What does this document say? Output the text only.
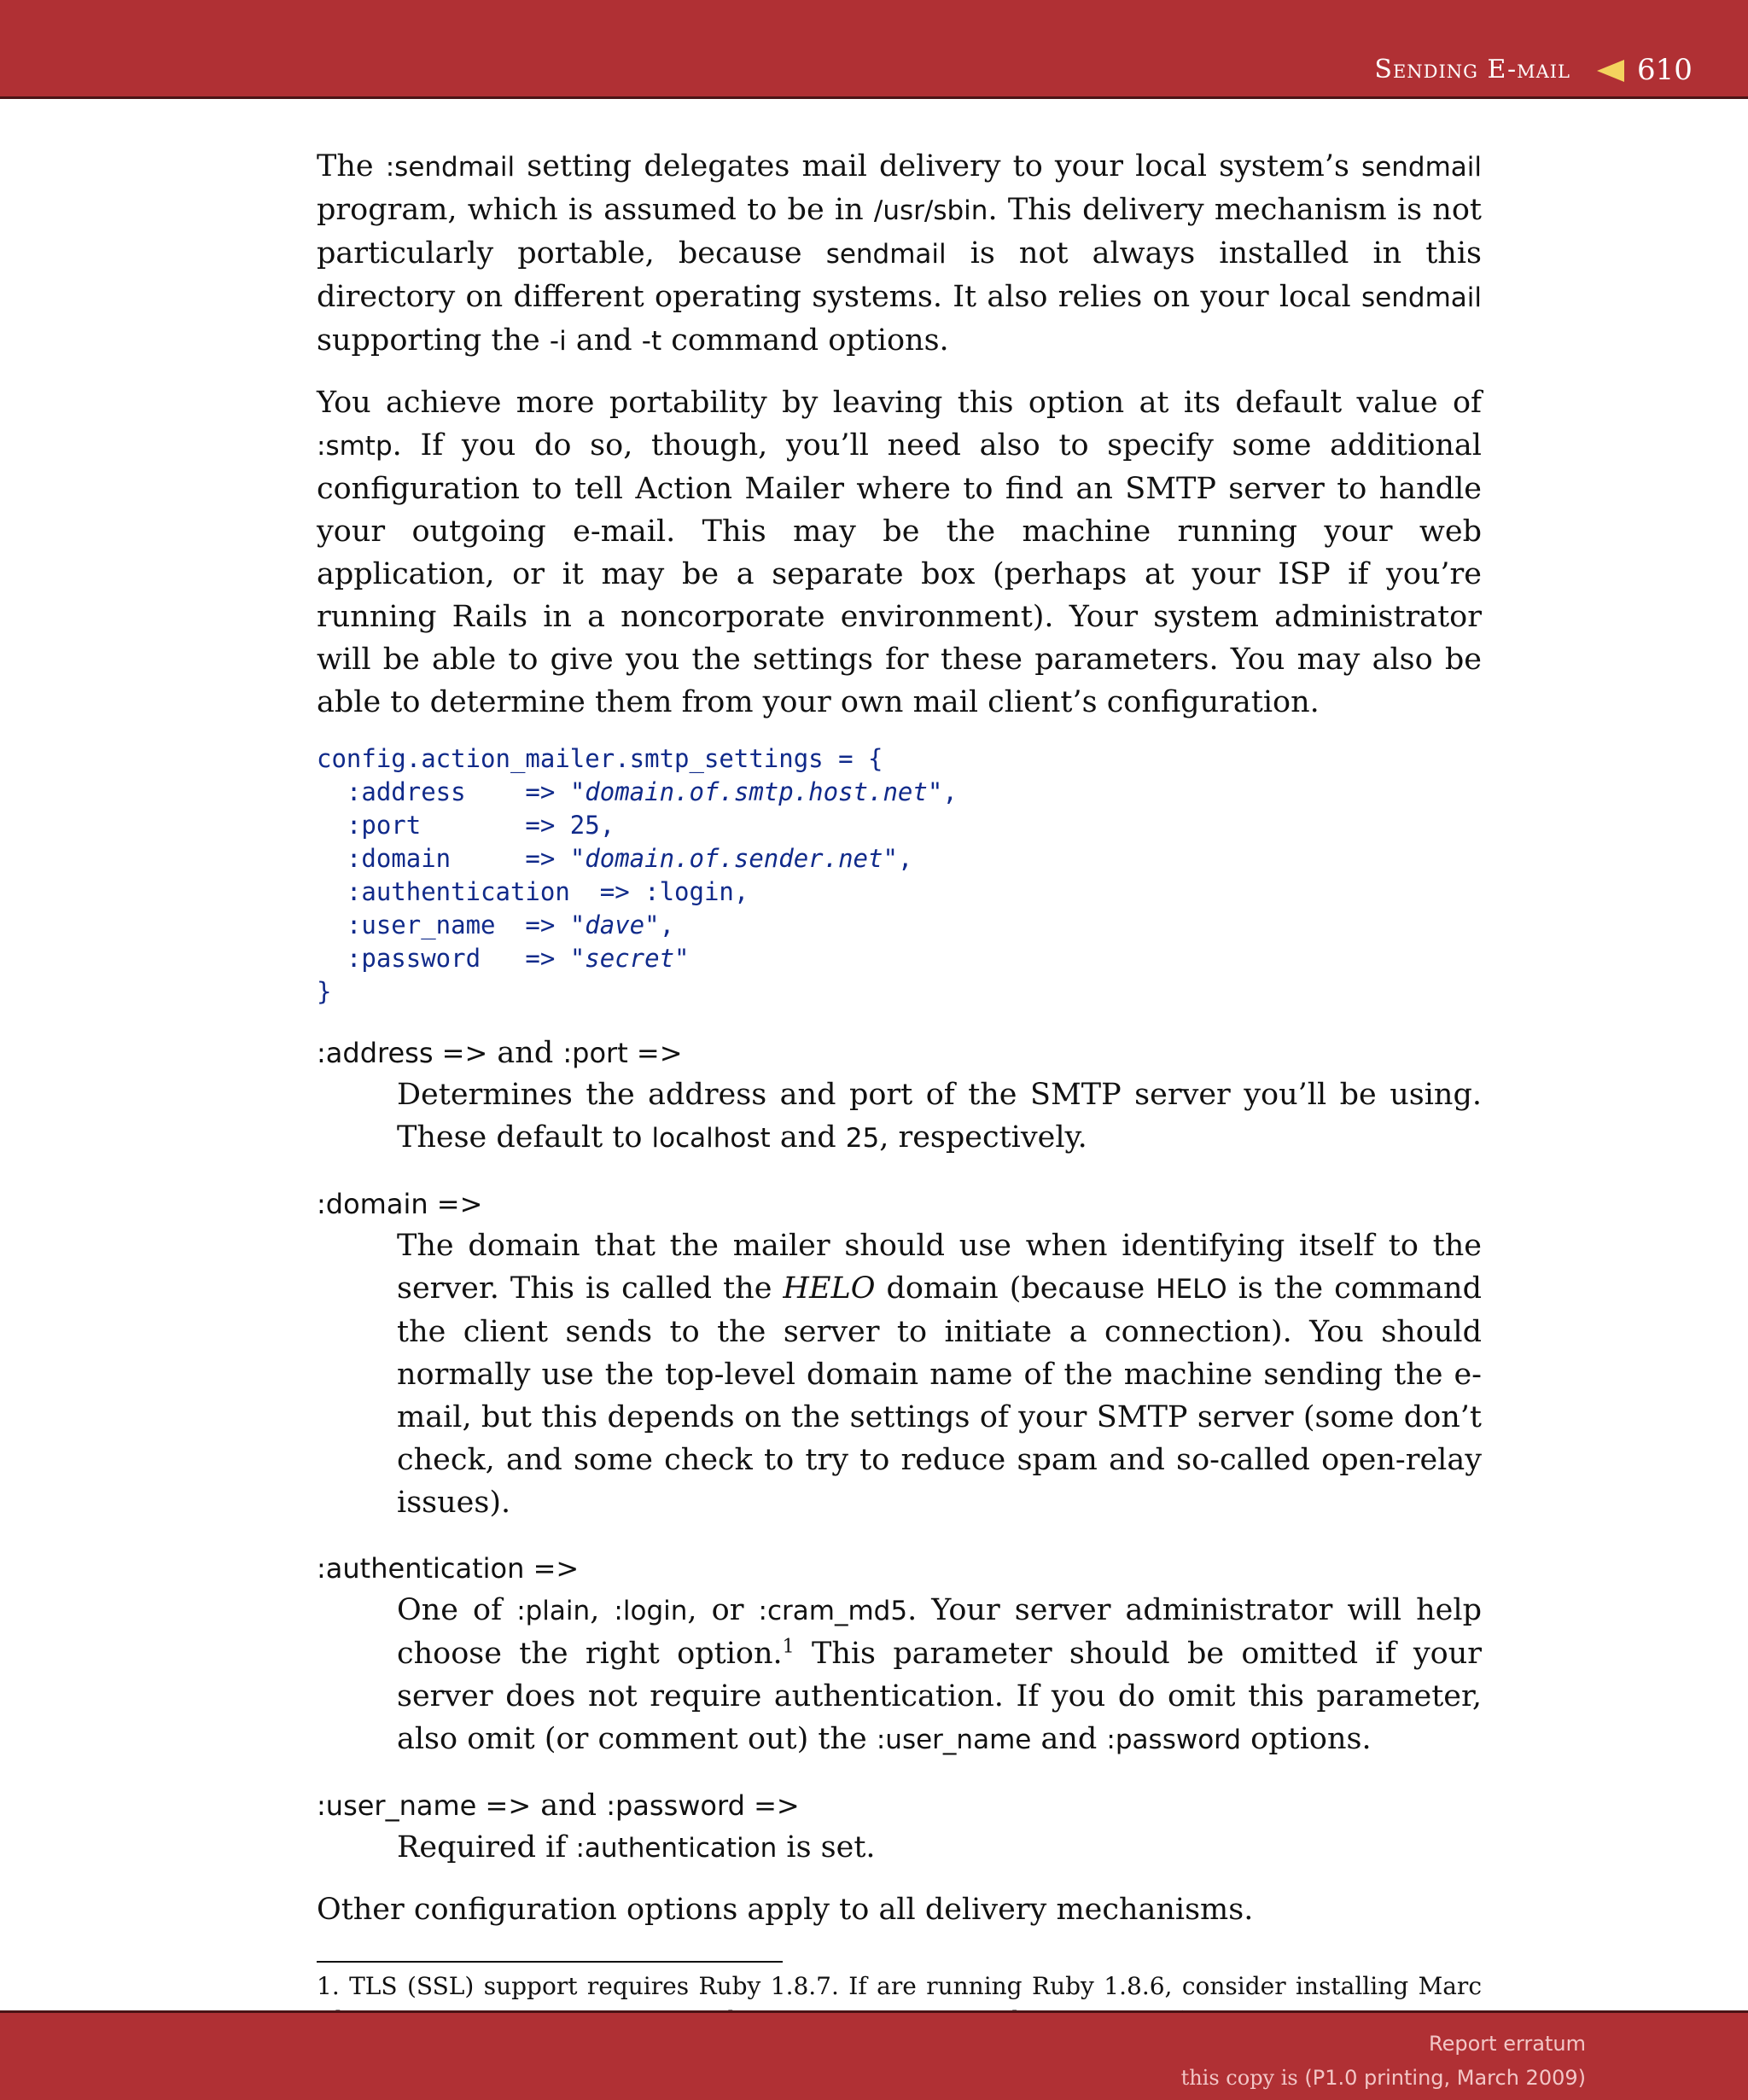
Sending E-mail 610

The :sendmail setting delegates mail delivery to your local system’s sendmail program, which is assumed to be in /usr/sbin. This delivery mechanism is not particularly portable, because sendmail is not always installed in this directory on different operating systems. It also relies on your local sendmail supporting the -i and -t command options.

You achieve more portability by leaving this option at its default value of :smtp. If you do so, though, you’ll need also to specify some additional configuration to tell Action Mailer where to find an SMTP server to handle your outgoing e-mail. This may be the machine running your web application, or it may be a separate box (perhaps at your ISP if you’re running Rails in a noncorporate environment). Your system administrator will be able to give you the settings for these parameters. You may also be able to determine them from your own mail client’s configuration.

config.action_mailer.smtp_settings = {
:address    => "domain.of.smtp.host.net",
:port       => 25,
:domain     => "domain.of.sender.net",
:authentication  => :login,
:user_name  => "dave",
:password   => "secret"
}
:address => and :port =>

Determines the address and port of the SMTP server you’ll be using. These default to localhost and 25, respectively.

:domain =>

The domain that the mailer should use when identifying itself to the server. This is called the HELO domain (because HELO is the command the client sends to the server to initiate a connection). You should normally use the top-level domain name of the machine sending the e-mail, but this depends on the settings of your SMTP server (some don’t check, and some check to try to reduce spam and so-called open-relay issues).

:authentication =>

One of :plain, :login, or :cram_md5. Your server administrator will help choose the right option.$^1$ This parameter should be omitted if your server does not require authentication. If you do omit this parameter, also omit (or comment out) the :user_name and :password options.

:user_name => and :password =>

Required if :authentication is set.

Other configuration options apply to all delivery mechanisms.

1. TLS (SSL) support requires Ruby 1.8.7. If are running Ruby 1.8.6, consider installing Marc

Report erratum
this copy is (P1.0 printing, March 2009)
